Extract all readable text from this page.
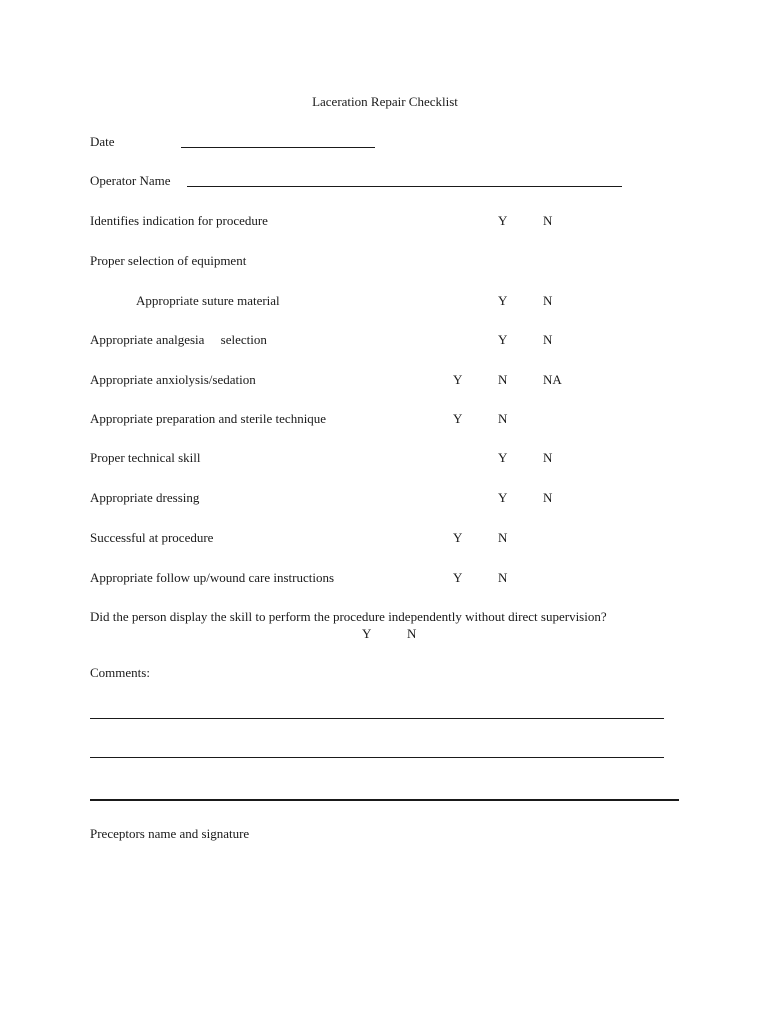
Laceration Repair Checklist
Date
Operator Name
Identifies indication for procedure	Y	N
Proper selection of equipment
Appropriate suture material	Y	N
Appropriate analgesia     selection	Y	N
Appropriate anxiolysis/sedation	Y	N	NA
Appropriate preparation and sterile technique	Y	N
Proper technical skill	Y	N
Appropriate dressing	Y	N
Successful at procedure	Y	N
Appropriate follow up/wound care instructions	Y	N
Did the person display the skill to perform the procedure independently without direct supervision?
Y	N
Comments:
Preceptors name and signature
